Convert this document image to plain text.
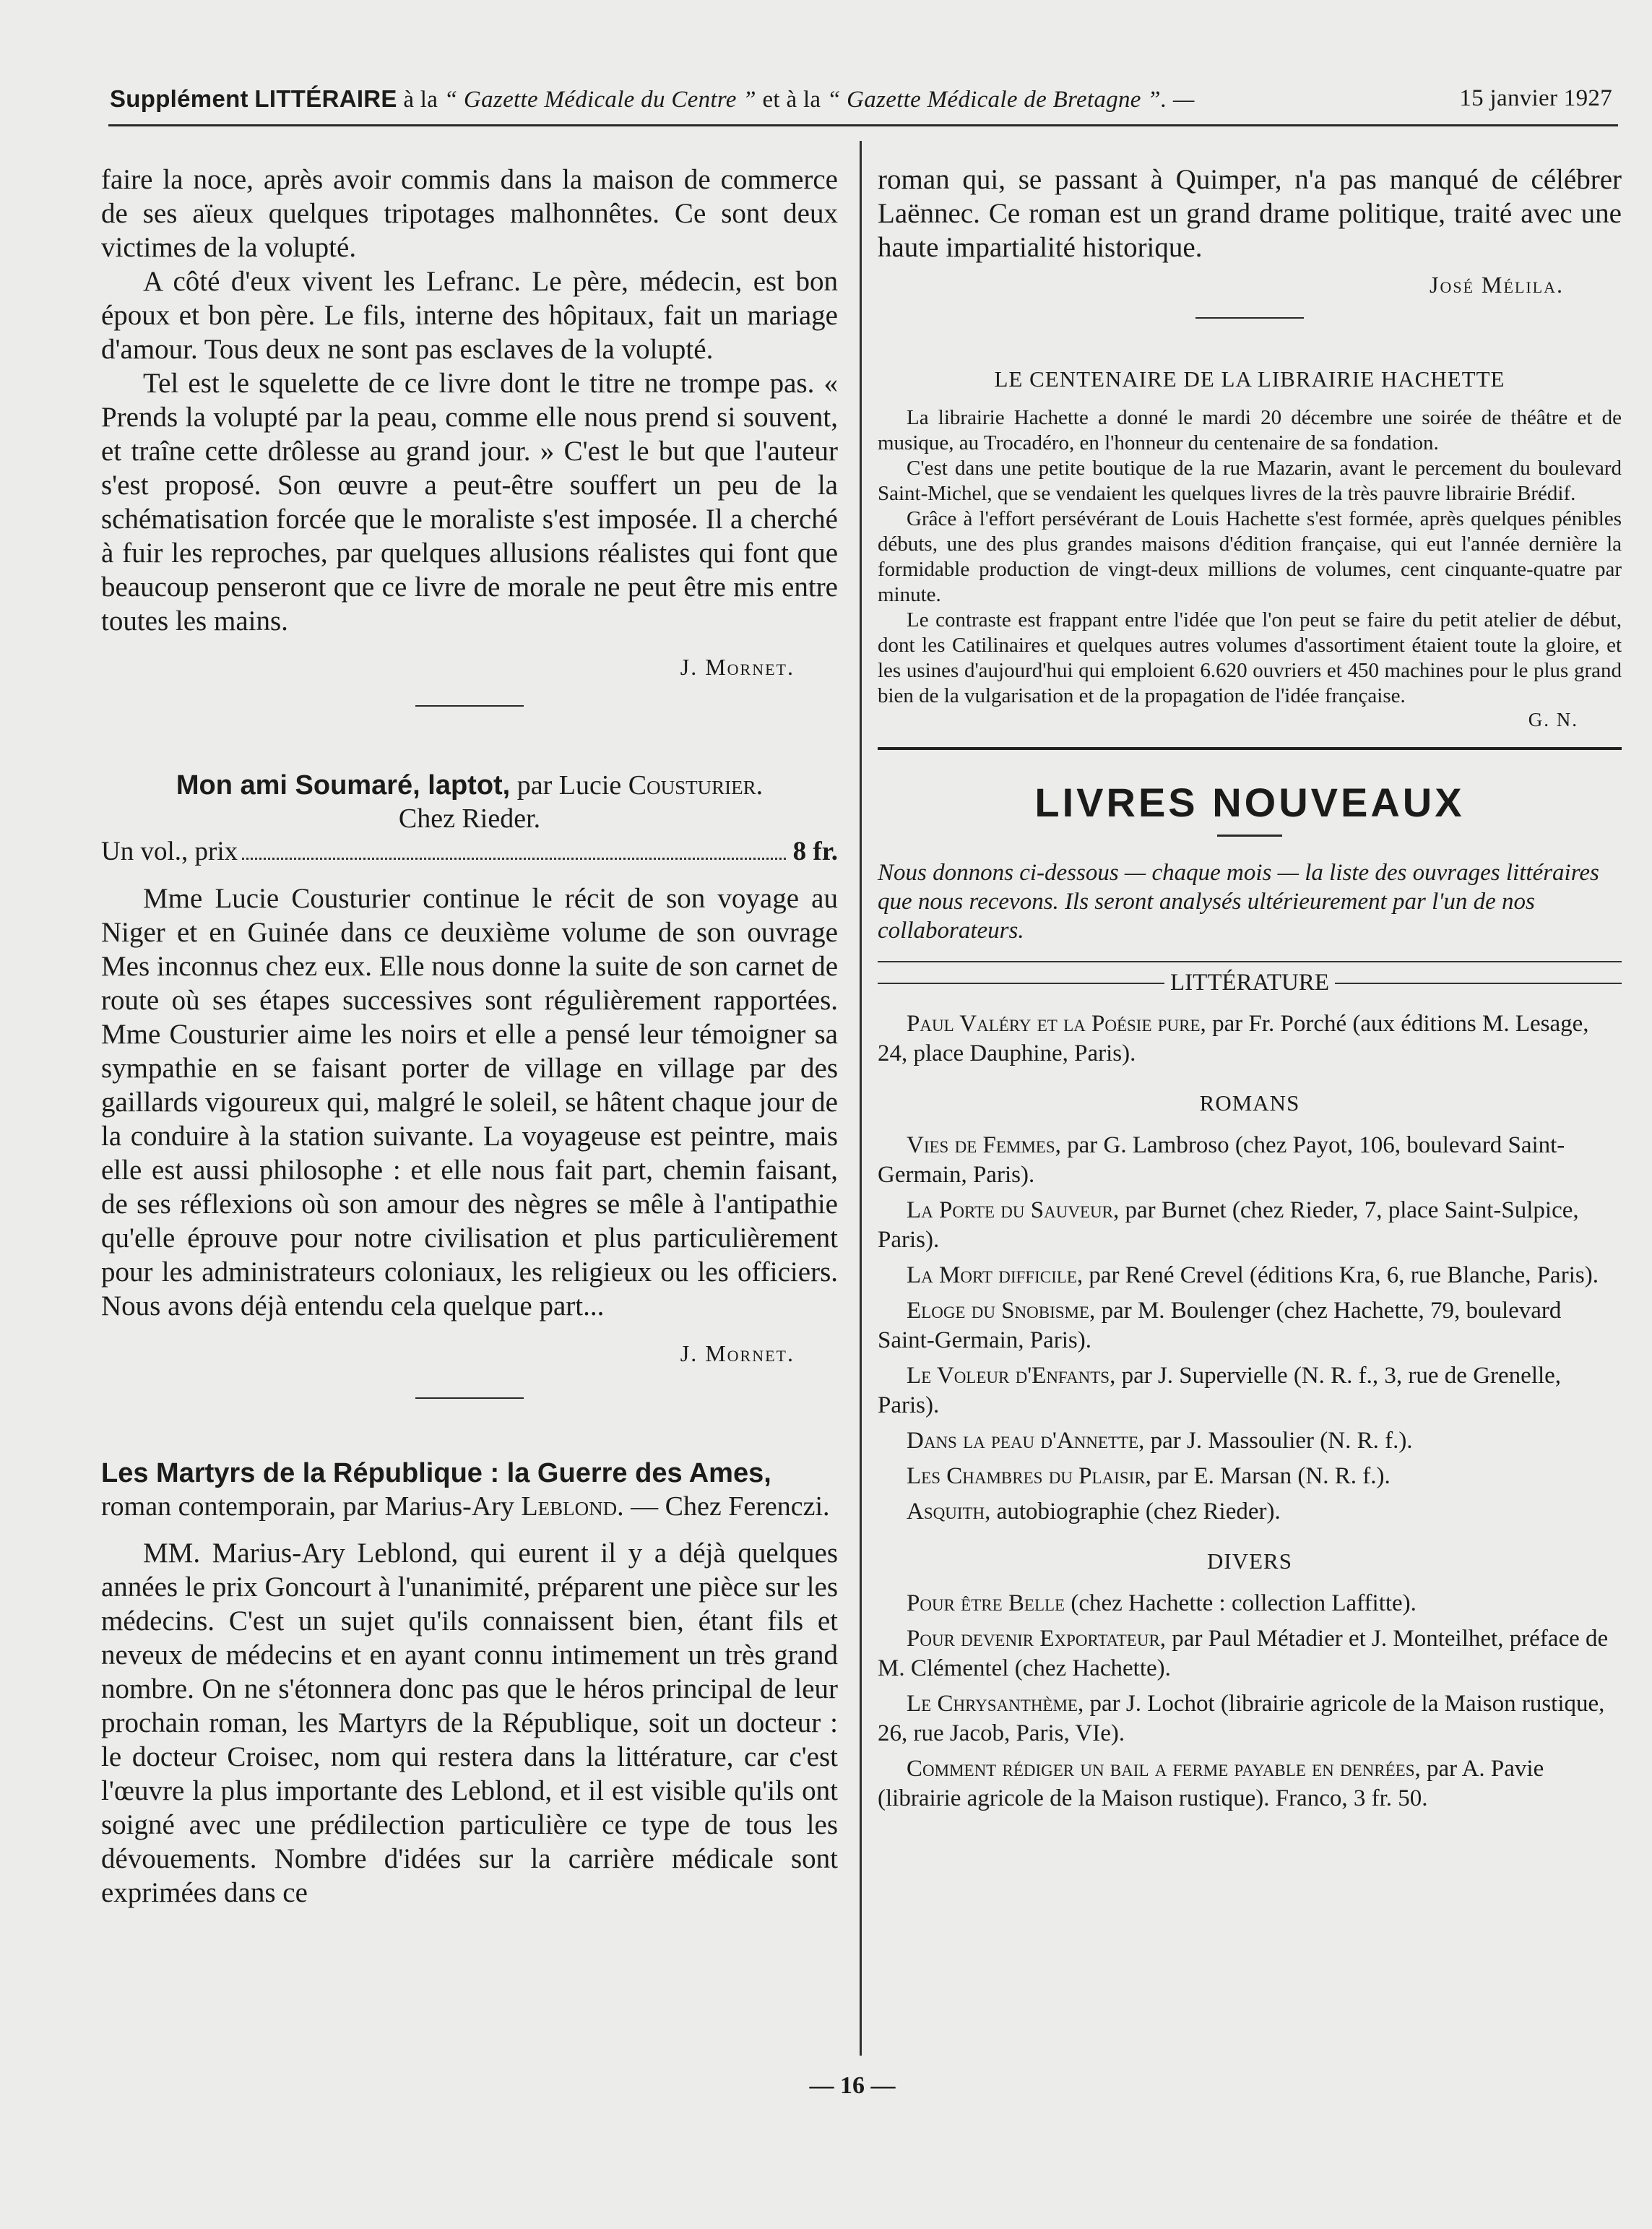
Supplément LITTÉRAIRE à la “ Gazette Médicale du Centre ” et à la “ Gazette Médicale de Bretagne ”. —	15 janvier 1927

faire la noce, après avoir commis dans la maison de commerce de ses aïeux quelques tripotages malhonnêtes. Ce sont deux victimes de la volupté.

A côté d'eux vivent les Lefranc. Le père, médecin, est bon époux et bon père. Le fils, interne des hôpitaux, fait un mariage d'amour. Tous deux ne sont pas esclaves de la volupté.

Tel est le squelette de ce livre dont le titre ne trompe pas. « Prends la volupté par la peau, comme elle nous prend si souvent, et traîne cette drôlesse au grand jour. » C'est le but que l'auteur s'est proposé. Son œuvre a peut-être souffert un peu de la schématisation forcée que le moraliste s'est imposée. Il a cherché à fuir les reproches, par quelques allusions réalistes qui font que beaucoup penseront que ce livre de morale ne peut être mis entre toutes les mains.

J. Mornet.

Mon ami Soumaré, laptot, par Lucie Cousturier.

Chez Rieder.

Un vol., prix	8 fr.

Mme Lucie Cousturier continue le récit de son voyage au Niger et en Guinée dans ce deuxième volume de son ouvrage Mes inconnus chez eux. Elle nous donne la suite de son carnet de route où ses étapes successives sont régulièrement rapportées. Mme Cousturier aime les noirs et elle a pensé leur témoigner sa sympathie en se faisant porter de village en village par des gaillards vigoureux qui, malgré le soleil, se hâtent chaque jour de la conduire à la station suivante. La voyageuse est peintre, mais elle est aussi philosophe : et elle nous fait part, chemin faisant, de ses réflexions où son amour des nègres se mêle à l'antipathie qu'elle éprouve pour notre civilisation et plus particulièrement pour les administrateurs coloniaux, les religieux ou les officiers. Nous avons déjà entendu cela quelque part...

J. Mornet.

Les Martyrs de la République : la Guerre des Ames, roman contemporain, par Marius-Ary Leblond. — Chez Ferenczi.

MM. Marius-Ary Leblond, qui eurent il y a déjà quelques années le prix Goncourt à l'unanimité, préparent une pièce sur les médecins. C'est un sujet qu'ils connaissent bien, étant fils et neveux de médecins et en ayant connu intimement un très grand nombre. On ne s'étonnera donc pas que le héros principal de leur prochain roman, les Martyrs de la République, soit un docteur : le docteur Croisec, nom qui restera dans la littérature, car c'est l'œuvre la plus importante des Leblond, et il est visible qu'ils ont soigné avec une prédilection particulière ce type de tous les dévouements. Nombre d'idées sur la carrière médicale sont exprimées dans ce

roman qui, se passant à Quimper, n'a pas manqué de célébrer Laënnec. Ce roman est un grand drame politique, traité avec une haute impartialité historique.

José Mélila.

LE CENTENAIRE DE LA LIBRAIRIE HACHETTE

La librairie Hachette a donné le mardi 20 décembre une soirée de théâtre et de musique, au Trocadéro, en l'honneur du centenaire de sa fondation.

C'est dans une petite boutique de la rue Mazarin, avant le percement du boulevard Saint-Michel, que se vendaient les quelques livres de la très pauvre librairie Brédif.

Grâce à l'effort persévérant de Louis Hachette s'est formée, après quelques pénibles débuts, une des plus grandes maisons d'édition française, qui eut l'année dernière la formidable production de vingt-deux millions de volumes, cent cinquante-quatre par minute.

Le contraste est frappant entre l'idée que l'on peut se faire du petit atelier de début, dont les Catilinaires et quelques autres volumes d'assortiment étaient toute la gloire, et les usines d'aujourd'hui qui emploient 6.620 ouvriers et 450 machines pour le plus grand bien de la vulgarisation et de la propagation de l'idée française.

G. N.

LIVRES NOUVEAUX

Nous donnons ci-dessous — chaque mois — la liste des ouvrages littéraires que nous recevons. Ils seront analysés ultérieurement par l'un de nos collaborateurs.

LITTÉRATURE

Paul Valéry et la Poésie pure, par Fr. Porché (aux éditions M. Lesage, 24, place Dauphine, Paris).

ROMANS

Vies de Femmes, par G. Lambroso (chez Payot, 106, boulevard Saint-Germain, Paris).

La Porte du Sauveur, par Burnet (chez Rieder, 7, place Saint-Sulpice, Paris).

La Mort difficile, par René Crevel (éditions Kra, 6, rue Blanche, Paris).

Eloge du Snobisme, par M. Boulenger (chez Hachette, 79, boulevard Saint-Germain, Paris).

Le Voleur d'Enfants, par J. Supervielle (N. R. f., 3, rue de Grenelle, Paris).

Dans la peau d'Annette, par J. Massoulier (N. R. f.).

Les Chambres du Plaisir, par E. Marsan (N. R. f.).

Asquith, autobiographie (chez Rieder).

DIVERS

Pour être Belle (chez Hachette : collection Laffitte).

Pour devenir Exportateur, par Paul Métadier et J. Monteilhet, préface de M. Clémentel (chez Hachette).

Le Chrysanthème, par J. Lochot (librairie agricole de la Maison rustique, 26, rue Jacob, Paris, VIe).

Comment rédiger un bail a ferme payable en denrées, par A. Pavie (librairie agricole de la Maison rustique). Franco, 3 fr. 50.

— 16 —
